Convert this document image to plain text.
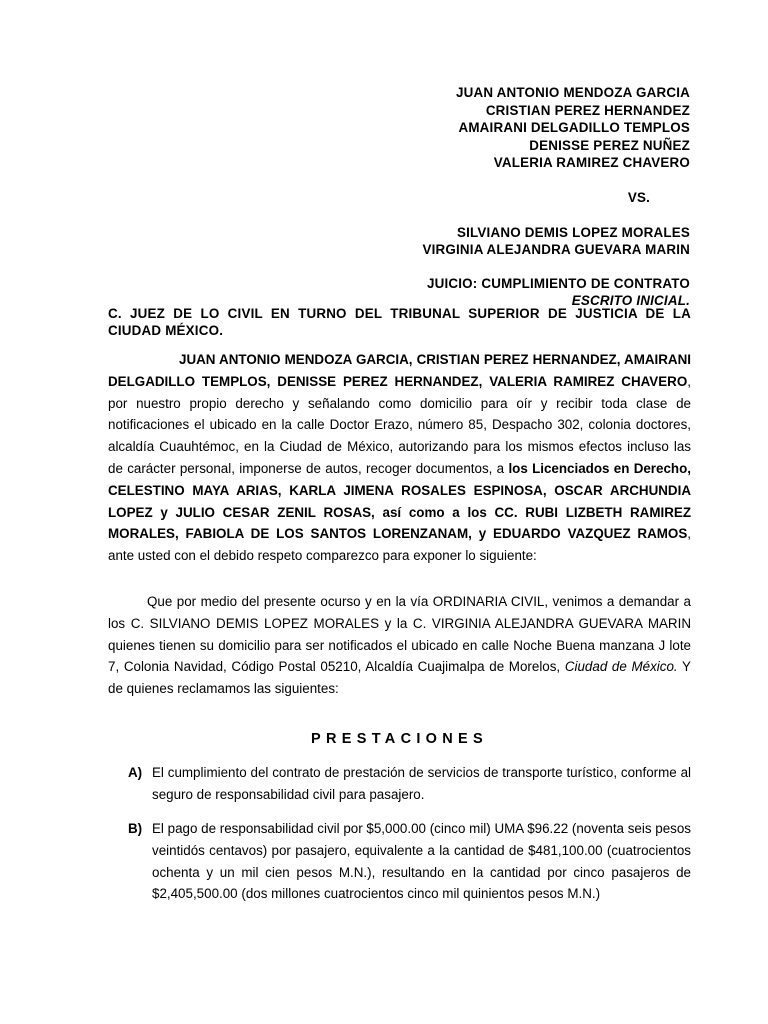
JUAN ANTONIO MENDOZA GARCIA
CRISTIAN PEREZ HERNANDEZ
AMAIRANI DELGADILLO TEMPLOS
DENISSE PEREZ NUÑEZ
VALERIA RAMIREZ CHAVERO
VS.
SILVIANO DEMIS LOPEZ MORALES
VIRGINIA ALEJANDRA GUEVARA MARIN
JUICIO: CUMPLIMIENTO DE CONTRATO
ESCRITO INICIAL.
C. JUEZ DE LO CIVIL EN TURNO DEL TRIBUNAL SUPERIOR DE JUSTICIA DE LA CIUDAD MÉXICO.
JUAN ANTONIO MENDOZA GARCIA, CRISTIAN PEREZ HERNANDEZ, AMAIRANI DELGADILLO TEMPLOS, DENISSE PEREZ HERNANDEZ, VALERIA RAMIREZ CHAVERO, por nuestro propio derecho y señalando como domicilio para oír y recibir toda clase de notificaciones el ubicado en la calle Doctor Erazo, número 85, Despacho 302, colonia doctores, alcaldía Cuauhtémoc, en la Ciudad de México, autorizando para los mismos efectos incluso las de carácter personal, imponerse de autos, recoger documentos, a los Licenciados en Derecho, CELESTINO MAYA ARIAS, KARLA JIMENA ROSALES ESPINOSA, OSCAR ARCHUNDIA LOPEZ y JULIO CESAR ZENIL ROSAS, así como a los CC. RUBI LIZBETH RAMIREZ MORALES, FABIOLA DE LOS SANTOS LORENZANAM, y EDUARDO VAZQUEZ RAMOS, ante usted con el debido respeto comparezco para exponer lo siguiente:
Que por medio del presente ocurso y en la vía ORDINARIA CIVIL, venimos a demandar a los C. SILVIANO DEMIS LOPEZ MORALES y la C. VIRGINIA ALEJANDRA GUEVARA MARIN quienes tienen su domicilio para ser notificados el ubicado en calle Noche Buena manzana J lote 7, Colonia Navidad, Código Postal 05210, Alcaldía Cuajimalpa de Morelos, Ciudad de México. Y de quienes reclamamos las siguientes:
PRESTACIONES
A) El cumplimiento del contrato de prestación de servicios de transporte turístico, conforme al seguro de responsabilidad civil para pasajero.
B) El pago de responsabilidad civil por $5,000.00 (cinco mil) UMA $96.22 (noventa seis pesos veintidós centavos) por pasajero, equivalente a la cantidad de $481,100.00 (cuatrocientos ochenta y un mil cien pesos M.N.), resultando en la cantidad por cinco pasajeros de $2,405,500.00 (dos millones cuatrocientos cinco mil quinientos pesos M.N.)
